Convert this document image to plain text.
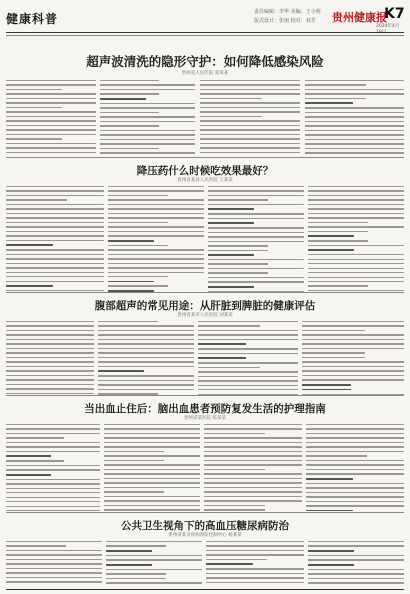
健康科普	责任编辑：李华 美编：王小明
版式设计：张丽 校对：刘芳 贵州健康报
K7
2024年4月19日
超声波清洗的隐形守护：如何降低感染风险
贵州省人民医院 张某某
降压药什么时候吃效果最好？
贵州省某县人民医院 王某某
腹部超声的常见用途：从肝脏到脾脏的健康评估
贵州省某市人民医院 刘某某
当出血止住后：脑出血患者预防复发生活的护理指南
贵州省某医院 陈某某
公共卫生视角下的高血压糖尿病防治
贵州省某市疾病预防控制中心 杨某某
